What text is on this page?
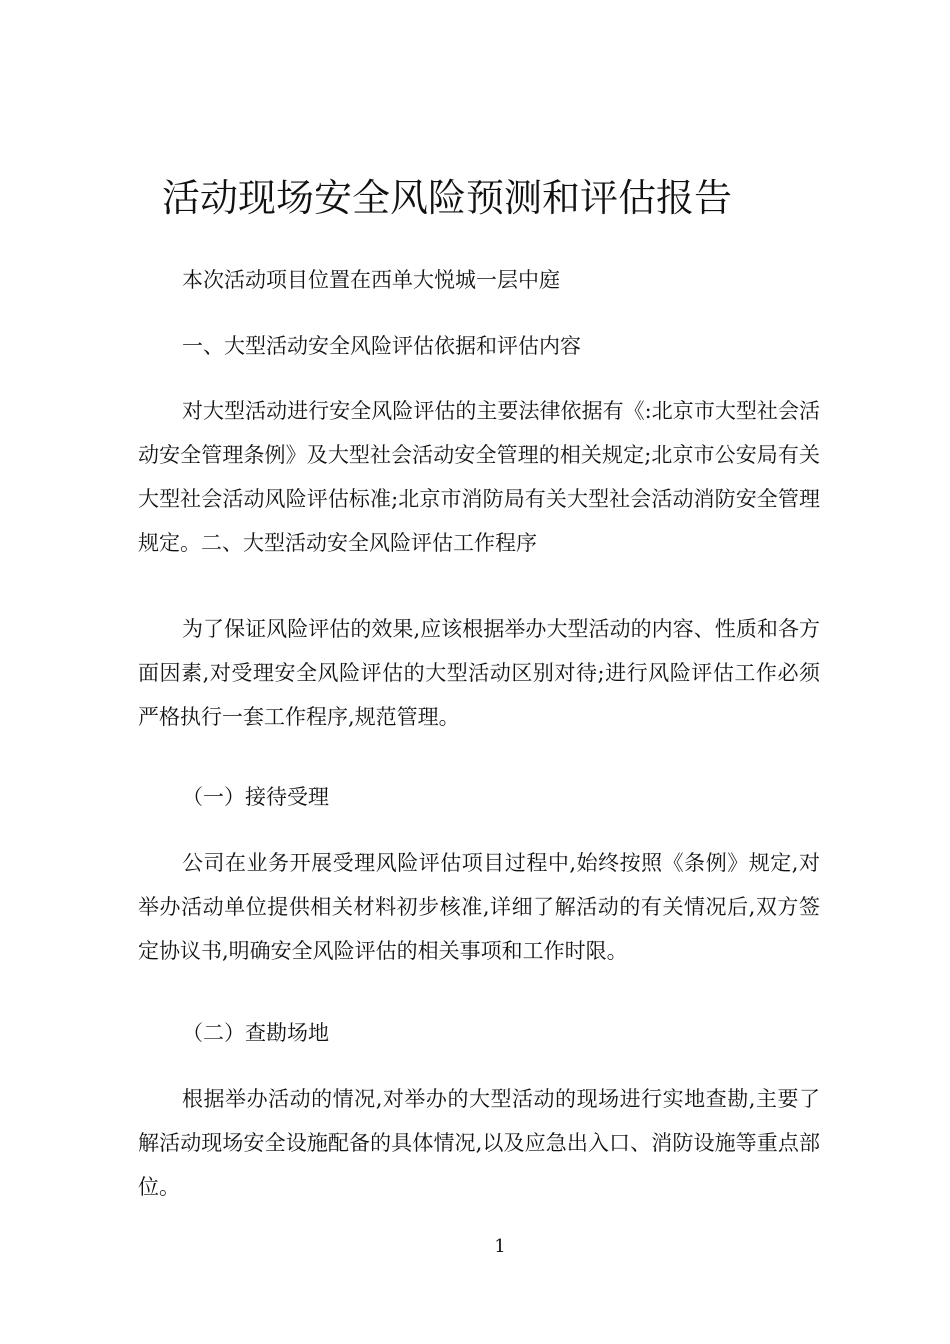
活动现场安全风险预测和评估报告

本次活动项目位置在西单大悦城一层中庭

一、大型活动安全风险评估依据和评估内容

对大型活动进行安全风险评估的主要法律依据有《:北京市大型社会活动安全管理条例》及大型社会活动安全管理的相关规定;北京市公安局有关大型社会活动风险评估标准;北京市消防局有关大型社会活动消防安全管理规定。二、大型活动安全风险评估工作程序

为了保证风险评估的效果,应该根据举办大型活动的内容、性质和各方面因素,对受理安全风险评估的大型活动区别对待;进行风险评估工作必须严格执行一套工作程序,规范管理。

（一）接待受理

公司在业务开展受理风险评估项目过程中,始终按照《条例》规定,对举办活动单位提供相关材料初步核准,详细了解活动的有关情况后,双方签定协议书,明确安全风险评估的相关事项和工作时限。

（二）查勘场地

根据举办活动的情况,对举办的大型活动的现场进行实地查勘,主要了解活动现场安全设施配备的具体情况,以及应急出入口、消防设施等重点部位。

1
